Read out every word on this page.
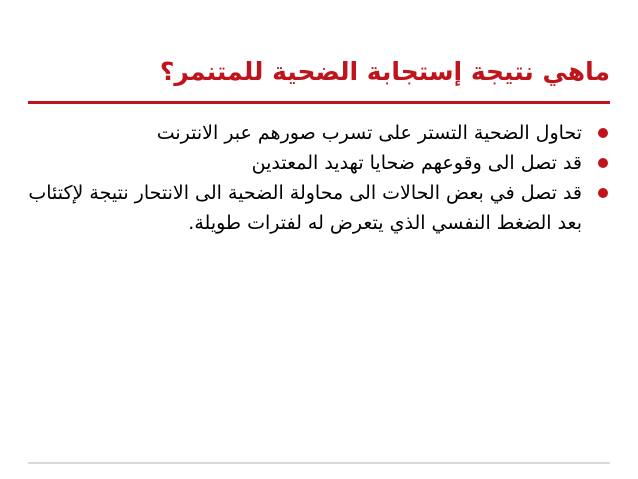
ماهي نتيجة إستجابة الضحية للمتنمر؟
تحاول الضحية التستر على تسرب صورهم عبر الانترنت
قد تصل الى وقوعهم ضحايا تهديد المعتدين
قد تصل في بعض الحالات الى محاولة الضحية الى الانتحار نتيجة لإكتئاب بعد الضغط النفسي الذي يتعرض له لفترات طويلة.
